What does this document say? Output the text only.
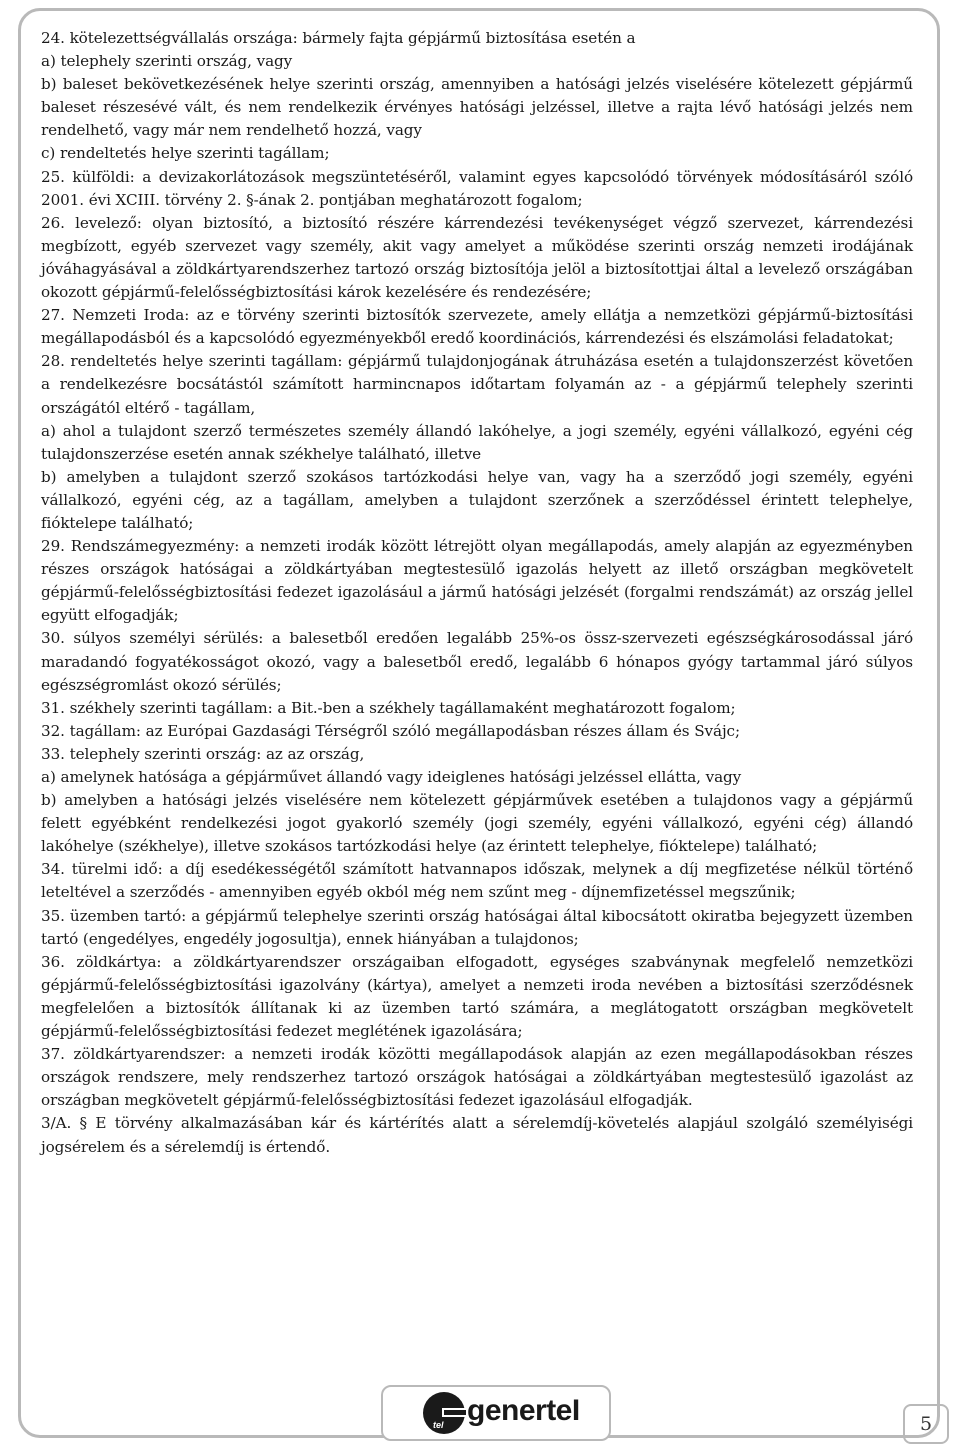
24. kötelezettségvállalás országa: bármely fajta gépjármű biztosítása esetén a

a) telephely szerinti ország, vagy

b) baleset bekövetkezésének helye szerinti ország, amennyiben a hatósági jelzés viselésére kötelezett gépjármű baleset részesévé vált, és nem rendelkezik érvényes hatósági jelzéssel, illetve a rajta lévő hatósági jelzés nem rendelhető, vagy már nem rendelhető hozzá, vagy

c) rendeltetés helye szerinti tagállam;

25. külföldi: a devizakorlátozások megszüntetéséről, valamint egyes kapcsolódó törvények módosításáról szóló 2001. évi XCIII. törvény 2. §-ának 2. pontjában meghatározott fogalom;

26. levelező: olyan biztosító, a biztosító részére kárrendezési tevékenységet végző szervezet, kárrendezési megbízott, egyéb szervezet vagy személy, akit vagy amelyet a működése szerinti ország nemzeti irodájának jóváhagyásával a zöldkártyarendszerhez tartozó ország biztosítója jelöl a biztosítottjai által a levelező országában okozott gépjármű-felelősségbiztosítási károk kezelésére és rendezésére;

27. Nemzeti Iroda: az e törvény szerinti biztosítók szervezete, amely ellátja a nemzetközi gépjármű-biztosítási megállapodásból és a kapcsolódó egyezményekből eredő koordinációs, kárrendezési és elszámolási feladatokat;

28. rendeltetés helye szerinti tagállam: gépjármű tulajdonjogának átruházása esetén a tulajdonszerzést követően a rendelkezésre bocsátástól számított harmincnapos időtartam folyamán az - a gépjármű telephely szerinti országától eltérő - tagállam,

a) ahol a tulajdont szerző természetes személy állandó lakóhelye, a jogi személy, egyéni vállalkozó, egyéni cég tulajdonszerzése esetén annak székhelye található, illetve

b) amelyben a tulajdont szerző szokásos tartózkodási helye van, vagy ha a szerződő jogi személy, egyéni vállalkozó, egyéni cég, az a tagállam, amelyben a tulajdont szerzőnek a szerződéssel érintett telephelye, fióktelepe található;

29. Rendszámegyezmény: a nemzeti irodák között létrejött olyan megállapodás, amely alapján az egyezményben részes országok hatóságai a zöldkártyában megtestesülő igazolás helyett az illető országban megkövetelt gépjármű-felelősségbiztosítási fedezet igazolásául a jármű hatósági jelzését (forgalmi rendszámát) az ország jellel együtt elfogadják;

30. súlyos személyi sérülés: a balesetből eredően legalább 25%-os össz-szervezeti egészségkárosodással járó maradandó fogyatékosságot okozó, vagy a balesetből eredő, legalább 6 hónapos gyógy tartammal járó súlyos egészségromlást okozó sérülés;

31. székhely szerinti tagállam: a Bit.-ben a székhely tagállamaként meghatározott fogalom;

32. tagállam: az Európai Gazdasági Térségről szóló megállapodásban részes állam és Svájc;

33. telephely szerinti ország: az az ország,

a) amelynek hatósága a gépjárművet állandó vagy ideiglenes hatósági jelzéssel ellátta, vagy

b) amelyben a hatósági jelzés viselésére nem kötelezett gépjárművek esetében a tulajdonos vagy a gépjármű felett egyébként rendelkezési jogot gyakorló személy (jogi személy, egyéni vállalkozó, egyéni cég) állandó lakóhelye (székhelye), illetve szokásos tartózkodási helye (az érintett telephelye, fióktelepe) található;

34. türelmi idő: a díj esedékességétől számított hatvannapos időszak, melynek a díj megfizetése nélkül történő leteltével a szerződés - amennyiben egyéb okból még nem szűnt meg - díjnemfizetéssel megszűnik;

35. üzemben tartó: a gépjármű telephelye szerinti ország hatóságai által kibocsátott okiratba bejegyzett üzemben tartó (engedélyes, engedély jogosultja), ennek hiányában a tulajdonos;

36. zöldkártya: a zöldkártyarendszer országaiban elfogadott, egységes szabványnak megfelelő nemzetközi gépjármű-felelősségbiztosítási igazolvány (kártya), amelyet a nemzeti iroda nevében a biztosítási szerződésnek megfelelően a biztosítók állítanak ki az üzemben tartó számára, a meglátogatott országban megkövetelt gépjármű-felelősségbiztosítási fedezet meglétének igazolására;

37. zöldkártyarendszer: a nemzeti irodák közötti megállapodások alapján az ezen megállapodásokban részes országok rendszere, mely rendszerhez tartozó országok hatóságai a zöldkártyában megtestesülő igazolást az országban megkövetelt gépjármű-felelősségbiztosítási fedezet igazolásául elfogadják.

3/A. § E törvény alkalmazásában kár és kártérítés alatt a sérelemdíj-követelés alapjául szolgáló személyiségi jogsérelem és a sérelemdíj is értendő.

tel generteI	5
